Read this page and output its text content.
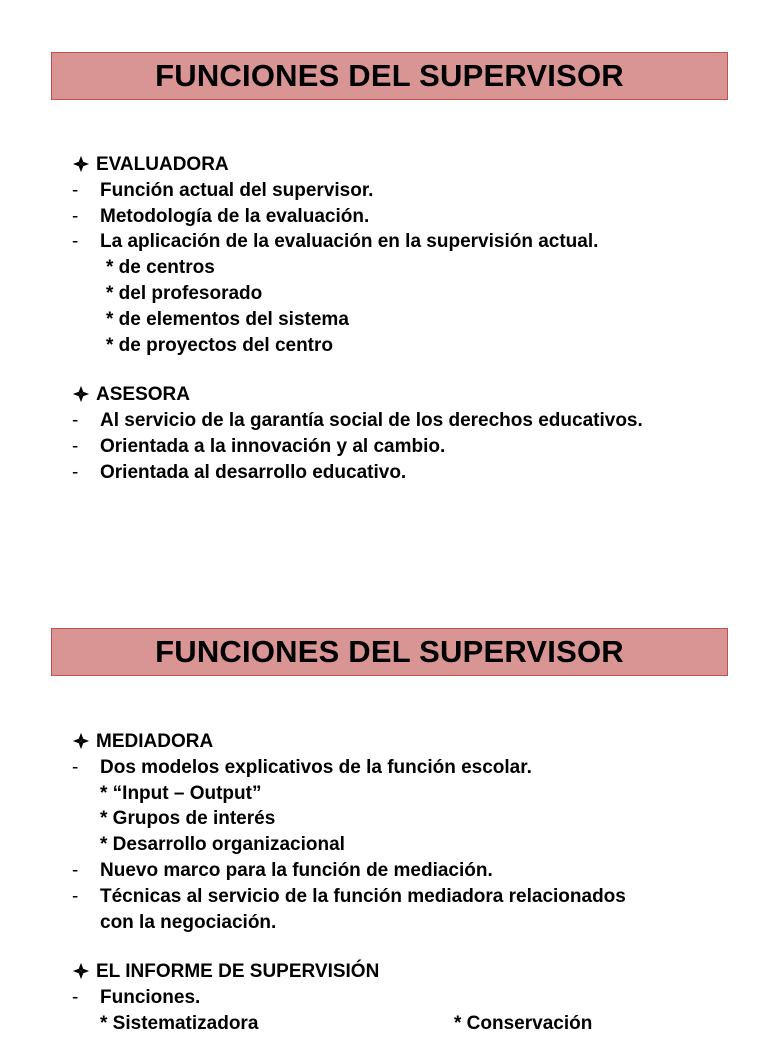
FUNCIONES DEL SUPERVISOR
EVALUADORA
- Función actual del supervisor.
- Metodología de la evaluación.
- La aplicación de la evaluación en la supervisión actual.
* de centros
* del profesorado
* de elementos del sistema
* de proyectos del centro
ASESORA
- Al servicio de la garantía social de los derechos educativos.
- Orientada a la innovación y al cambio.
- Orientada al desarrollo educativo.
FUNCIONES DEL SUPERVISOR
MEDIADORA
- Dos modelos explicativos de la función escolar.
* “Input – Output”
* Grupos de interés
* Desarrollo organizacional
- Nuevo marco para la función de mediación.
- Técnicas al servicio de la función mediadora relacionados
con la negociación.
EL INFORME DE SUPERVISIÓN
- Funciones.
* Sistematizadora	* Conservación
